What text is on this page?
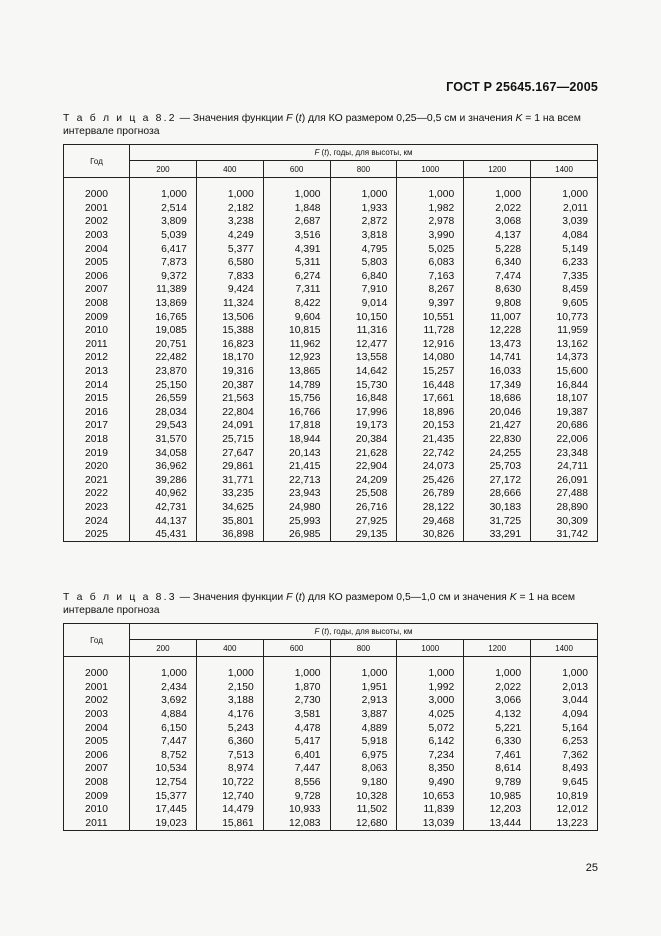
ГОСТ Р 25645.167—2005
Т а б л и ц а 8.2 — Значения функции F (t) для КО размером 0,25—0,5 см и значения K = 1 на всем интервале прогноза
Год	F (t), годы, для высоты, км						
	200	400	600	800	1000	1200	1400

2000	1,000	1,000	1,000	1,000	1,000	1,000	1,000
2001	2,514	2,182	1,848	1,933	1,982	2,022	2,011
2002	3,809	3,238	2,687	2,872	2,978	3,068	3,039
2003	5,039	4,249	3,516	3,818	3,990	4,137	4,084
2004	6,417	5,377	4,391	4,795	5,025	5,228	5,149
2005	7,873	6,580	5,311	5,803	6,083	6,340	6,233
2006	9,372	7,833	6,274	6,840	7,163	7,474	7,335
2007	11,389	9,424	7,311	7,910	8,267	8,630	8,459
2008	13,869	11,324	8,422	9,014	9,397	9,808	9,605
2009	16,765	13,506	9,604	10,150	10,551	11,007	10,773
2010	19,085	15,388	10,815	11,316	11,728	12,228	11,959
2011	20,751	16,823	11,962	12,477	12,916	13,473	13,162
2012	22,482	18,170	12,923	13,558	14,080	14,741	14,373
2013	23,870	19,316	13,865	14,642	15,257	16,033	15,600
2014	25,150	20,387	14,789	15,730	16,448	17,349	16,844
2015	26,559	21,563	15,756	16,848	17,661	18,686	18,107
2016	28,034	22,804	16,766	17,996	18,896	20,046	19,387
2017	29,543	24,091	17,818	19,173	20,153	21,427	20,686
2018	31,570	25,715	18,944	20,384	21,435	22,830	22,006
2019	34,058	27,647	20,143	21,628	22,742	24,255	23,348
2020	36,962	29,861	21,415	22,904	24,073	25,703	24,711
2021	39,286	31,771	22,713	24,209	25,426	27,172	26,091
2022	40,962	33,235	23,943	25,508	26,789	28,666	27,488
2023	42,731	34,625	24,980	26,716	28,122	30,183	28,890
2024	44,137	35,801	25,993	27,925	29,468	31,725	30,309
2025	45,431	36,898	26,985	29,135	30,826	33,291	31,742
Т а б л и ц а 8.3 — Значения функции F (t) для КО размером 0,5—1,0 см и значения K = 1 на всем интервале прогноза
Год	F (t), годы, для высоты, км						
	200	400	600	800	1000	1200	1400

2000	1,000	1,000	1,000	1,000	1,000	1,000	1,000
2001	2,434	2,150	1,870	1,951	1,992	2,022	2,013
2002	3,692	3,188	2,730	2,913	3,000	3,066	3,044
2003	4,884	4,176	3,581	3,887	4,025	4,132	4,094
2004	6,150	5,243	4,478	4,889	5,072	5,221	5,164
2005	7,447	6,360	5,417	5,918	6,142	6,330	6,253
2006	8,752	7,513	6,401	6,975	7,234	7,461	7,362
2007	10,534	8,974	7,447	8,063	8,350	8,614	8,493
2008	12,754	10,722	8,556	9,180	9,490	9,789	9,645
2009	15,377	12,740	9,728	10,328	10,653	10,985	10,819
2010	17,445	14,479	10,933	11,502	11,839	12,203	12,012
2011	19,023	15,861	12,083	12,680	13,039	13,444	13,223
25
